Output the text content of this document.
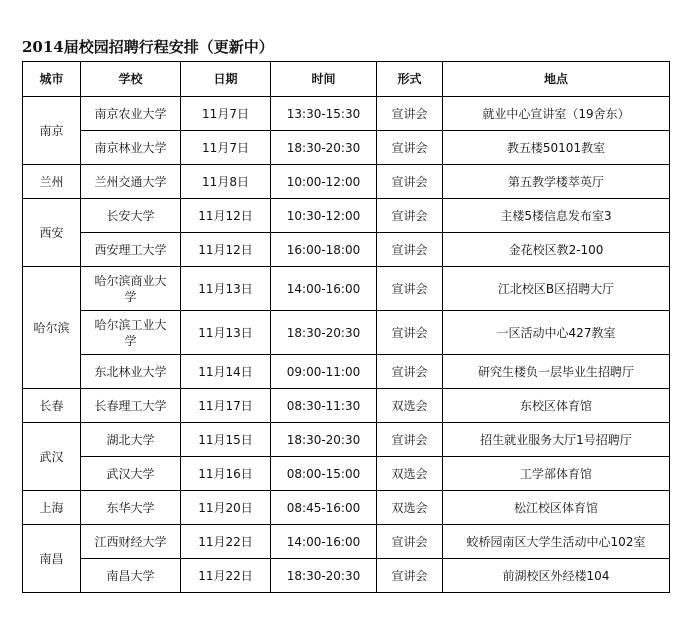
2014届校园招聘行程安排（更新中）
城市	学校	日期	时间	形式	地点
南京	南京农业大学	11月7日	13:30-15:30	宣讲会	就业中心宣讲室（19舍东）
	南京林业大学	11月7日	18:30-20:30	宣讲会	教五楼50101教室
兰州	兰州交通大学	11月8日	10:00-12:00	宣讲会	第五教学楼萃英厅
西安	长安大学	11月12日	10:30-12:00	宣讲会	主楼5楼信息发布室3
	西安理工大学	11月12日	16:00-18:00	宣讲会	金花校区教2-100
哈尔滨	哈尔滨商业大学	11月13日	14:00-16:00	宣讲会	江北校区B区招聘大厅
	哈尔滨工业大学	11月13日	18:30-20:30	宣讲会	一区活动中心427教室
	东北林业大学	11月14日	09:00-11:00	宣讲会	研究生楼负一层毕业生招聘厅
长春	长春理工大学	11月17日	08:30-11:30	双选会	东校区体育馆
武汉	湖北大学	11月15日	18:30-20:30	宣讲会	招生就业服务大厅1号招聘厅
	武汉大学	11月16日	08:00-15:00	双选会	工学部体育馆
上海	东华大学	11月20日	08:45-16:00	双选会	松江校区体育馆
南昌	江西财经大学	11月22日	14:00-16:00	宣讲会	蛟桥园南区大学生活动中心102室
	南昌大学	11月22日	18:30-20:30	宣讲会	前湖校区外经楼104
